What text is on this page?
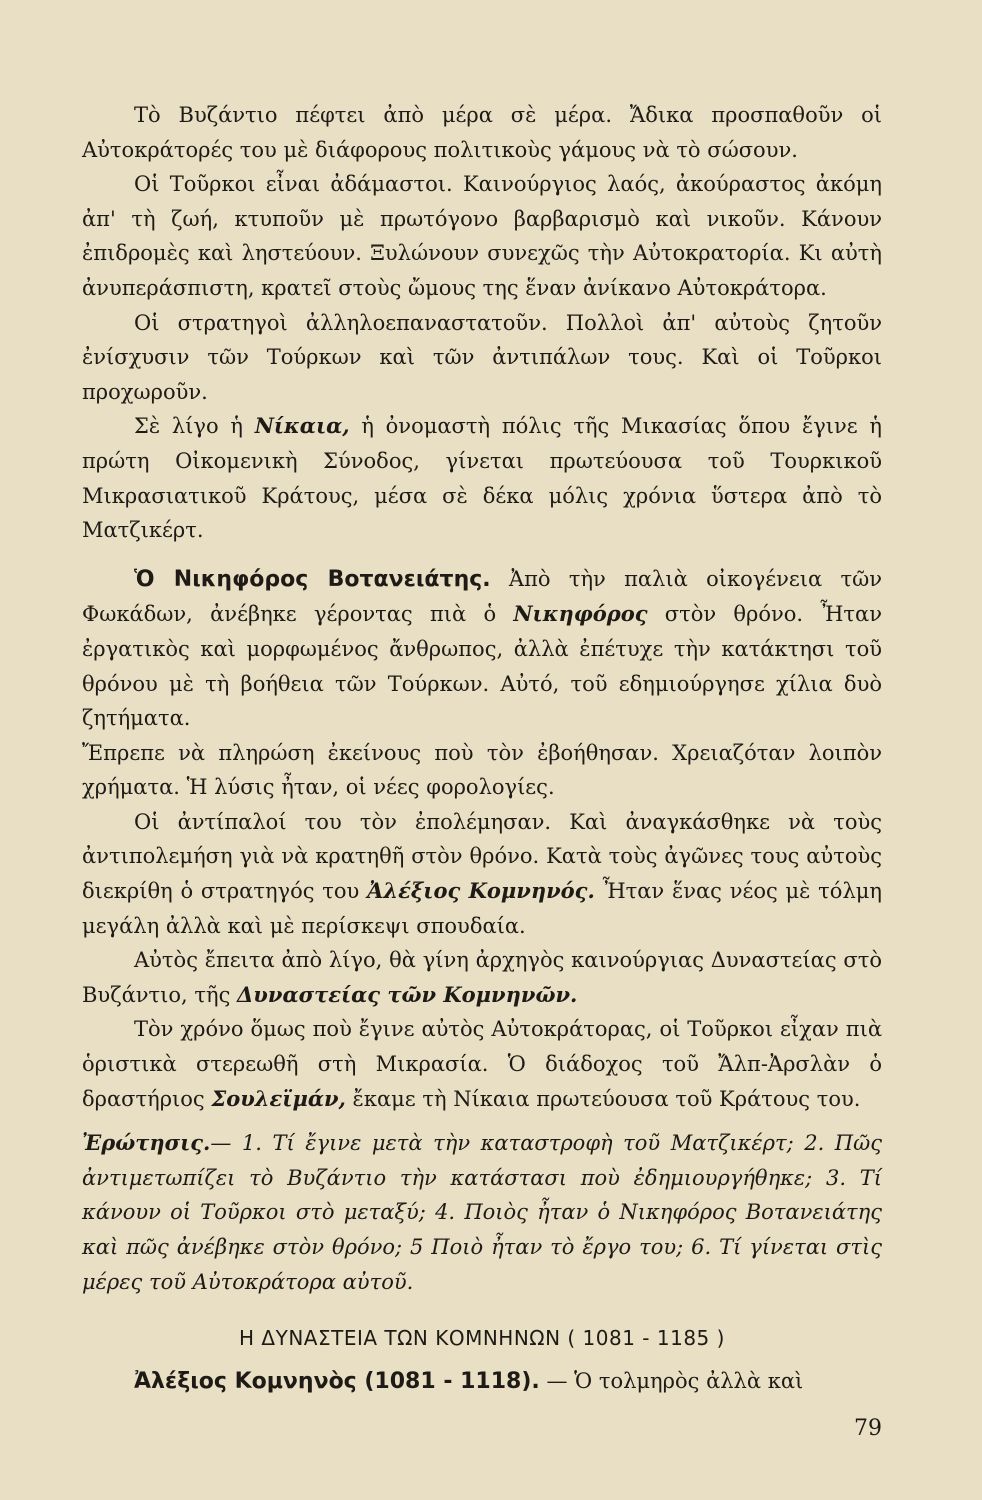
Τὸ Βυζάντιο πέφτει ἀπὸ μέρα σὲ μέρα. Ἄδικα προσπαθοῦν οἱ Αὐτοκράτορές του μὲ διάφορους πολιτικοὺς γάμους νὰ τὸ σώσουν.

Οἱ Τοῦρκοι εἶναι ἀδάμαστοι. Καινούργιος λαός, ἀκούραστος ἀκόμη ἀπ' τὴ ζωή, κτυποῦν μὲ πρωτόγονο βαρβαρισμὸ καὶ νικοῦν. Κάνουν ἐπιδρομὲς καὶ ληστεύουν. Ξυλώνουν συνεχῶς τὴν Αὐτοκρατορία. Κι αὐτὴ ἀνυπεράσπιστη, κρατεῖ στοὺς ὤμους της ἕναν ἀνίκανο Αὐτοκράτορα.

Οἱ στρατηγοὶ ἀλληλοεπαναστατοῦν. Πολλοὶ ἀπ' αὐτοὺς ζητοῦν ἐνίσχυσιν τῶν Τούρκων καὶ τῶν ἀντιπάλων τους. Καὶ οἱ Τοῦρκοι προχωροῦν.

Σὲ λίγο ἡ Νίκαια, ἡ ὀνομαστὴ πόλις τῆς Μικασίας ὅπου ἔγινε ἡ πρώτη Οἰκομενικὴ Σύνοδος, γίνεται πρωτεύουσα τοῦ Τουρκικοῦ Μικρασιατικοῦ Κράτους, μέσα σὲ δέκα μόλις χρόνια ὕστερα ἀπὸ τὸ Ματζικέρτ.

Ὁ Νικηφόρος Βοτανειάτης. Ἀπὸ τὴν παλιὰ οἰκογένεια τῶν Φωκάδων, ἀνέβηκε γέροντας πιὰ ὁ Νικηφόρος στὸν θρόνο. Ἦταν ἐργατικὸς καὶ μορφωμένος ἄνθρωπος, ἀλλὰ ἐπέτυχε τὴν κατάκτησι τοῦ θρόνου μὲ τὴ βοήθεια τῶν Τούρκων. Αὐτό, τοῦ εδημιούργησε χίλια δυὸ ζητήματα.

Ἔπρεπε νὰ πληρώση ἐκείνους ποὺ τὸν ἐβοήθησαν. Χρειαζόταν λοιπὸν χρήματα. Ἡ λύσις ἦταν, οἱ νέες φορολογίες.

Οἱ ἀντίπαλοί του τὸν ἐπολέμησαν. Καὶ ἀναγκάσθηκε νὰ τοὺς ἀντιπολεμήση γιὰ νὰ κρατηθῆ στὸν θρόνο. Κατὰ τοὺς ἀγῶνες τους αὐτοὺς διεκρίθη ὁ στρατηγός του Ἀλέξιος Κομνηνός. Ἦταν ἕνας νέος μὲ τόλμη μεγάλη ἀλλὰ καὶ μὲ περίσκεψι σπουδαία.

Αὐτὸς ἔπειτα ἀπὸ λίγο, θὰ γίνη ἀρχηγὸς καινούργιας Δυναστείας στὸ Βυζάντιο, τῆς Δυναστείας τῶν Κομνηνῶν.

Τὸν χρόνο ὅμως ποὺ ἔγινε αὐτὸς Αὐτοκράτορας, οἱ Τοῦρκοι εἶχαν πιὰ ὁριστικὰ στερεωθῆ στὴ Μικρασία. Ὁ διάδοχος τοῦ Ἄλπ-Ἀρσλὰν ὁ δραστήριος Σουλεϊμάν, ἔκαμε τὴ Νίκαια πρωτεύουσα τοῦ Κράτους του.

Ἐρώτησις.— 1. Τί ἔγινε μετὰ τὴν καταστροφὴ τοῦ Ματζικέρτ; 2. Πῶς ἀντιμετωπίζει τὸ Βυζάντιο τὴν κατάστασι ποὺ ἐδημιουργήθηκε; 3. Τί κάνουν οἱ Τοῦρκοι στὸ μεταξύ; 4. Ποιὸς ἦταν ὁ Νικηφόρος Βοτανειάτης καὶ πῶς ἀνέβηκε στὸν θρόνο; 5 Ποιὸ ἦταν τὸ ἔργο του; 6. Τί γίνεται στὶς μέρες τοῦ Αὐτοκράτορα αὐτοῦ.

Η ΔΥΝΑΣΤΕΙΑ ΤΩΝ ΚΟΜΝΗΝΩΝ ( 1081 - 1185 )

Ἀλέξιος Κομνηνὸς (1081 - 1118). — Ὁ τολμηρὸς ἀλλὰ καὶ

79
